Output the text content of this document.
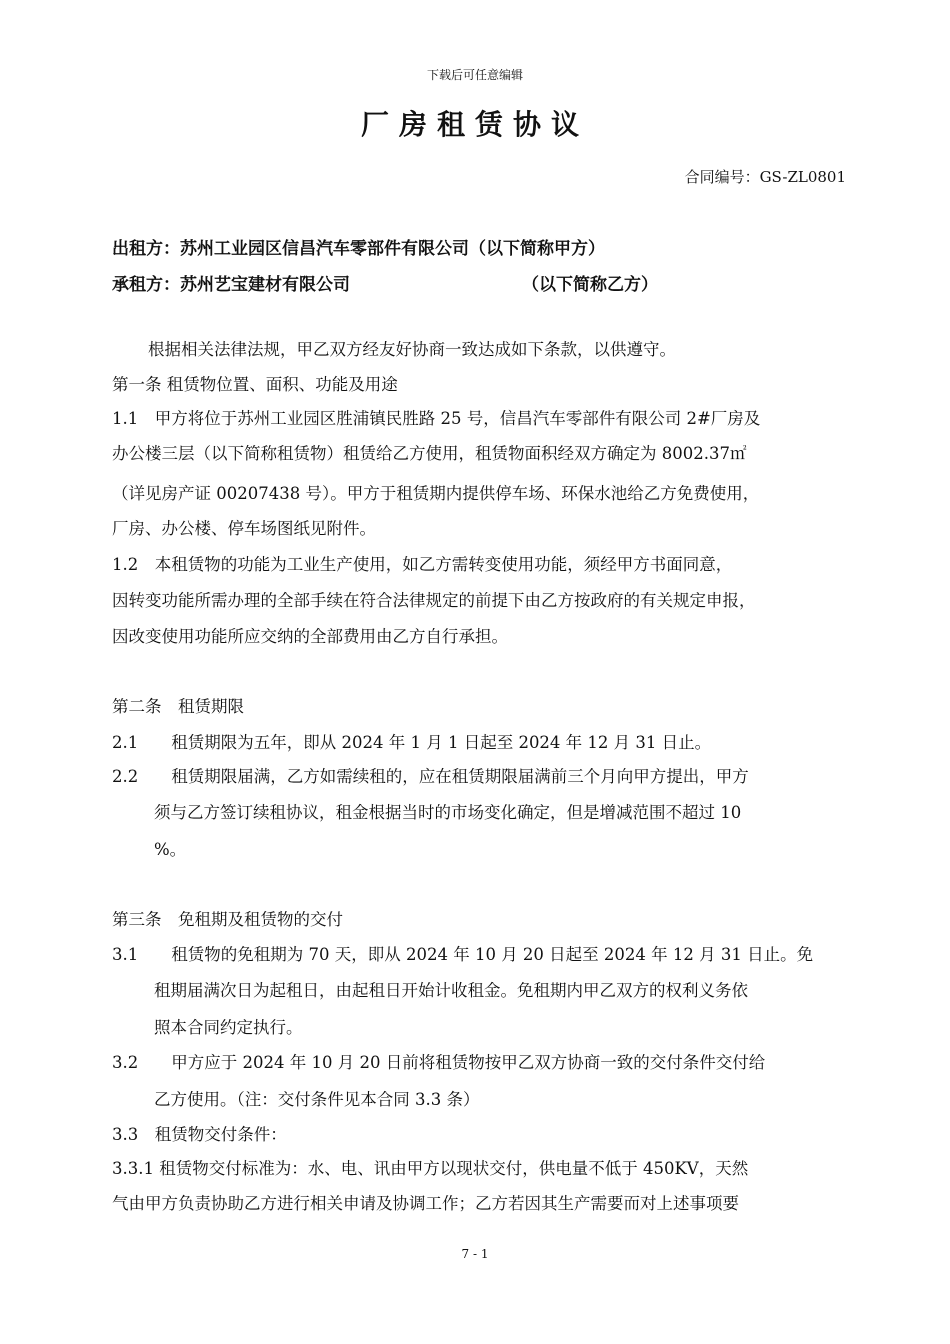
下载后可任意编辑
厂房租赁协议
合同编号：GS-ZL0801
出租方：苏州工业园区信昌汽车零部件有限公司（以下简称甲方）
承租方：苏州艺宝建材有限公司	（以下简称乙方）
根据相关法律法规，甲乙双方经友好协商一致达成如下条款，以供遵守。
第一条 租赁物位置、面积、功能及用途
1.1　甲方将位于苏州工业园区胜浦镇民胜路 25 号，信昌汽车零部件有限公司 2#厂房及
办公楼三层（以下简称租赁物）租赁给乙方使用，租赁物面积经双方确定为 8002.37㎡
（详见房产证 00207438 号）。甲方于租赁期内提供停车场、环保水池给乙方免费使用，
厂房、办公楼、停车场图纸见附件。
1.2　本租赁物的功能为工业生产使用，如乙方需转变使用功能，须经甲方书面同意，
因转变功能所需办理的全部手续在符合法律规定的前提下由乙方按政府的有关规定申报，
因改变使用功能所应交纳的全部费用由乙方自行承担。
第二条　租赁期限
2.1　　租赁期限为五年，即从 2024 年 1 月 1 日起至 2024 年 12 月 31 日止。
2.2　　租赁期限届满，乙方如需续租的，应在租赁期限届满前三个月向甲方提出，甲方
须与乙方签订续租协议，租金根据当时的市场变化确定，但是增减范围不超过 10
%。
第三条　免租期及租赁物的交付
3.1　　租赁物的免租期为 70 天，即从 2024 年 10 月 20 日起至 2024 年 12 月 31 日止。免
租期届满次日为起租日，由起租日开始计收租金。免租期内甲乙双方的权利义务依
照本合同约定执行。
3.2　　甲方应于 2024 年 10 月 20 日前将租赁物按甲乙双方协商一致的交付条件交付给
乙方使用。（注：交付条件见本合同 3.3 条）
3.3　租赁物交付条件：
3.3.1 租赁物交付标准为：水、电、讯由甲方以现状交付，供电量不低于 450KV，天然
气由甲方负责协助乙方进行相关申请及协调工作；乙方若因其生产需要而对上述事项要
7 - 1
